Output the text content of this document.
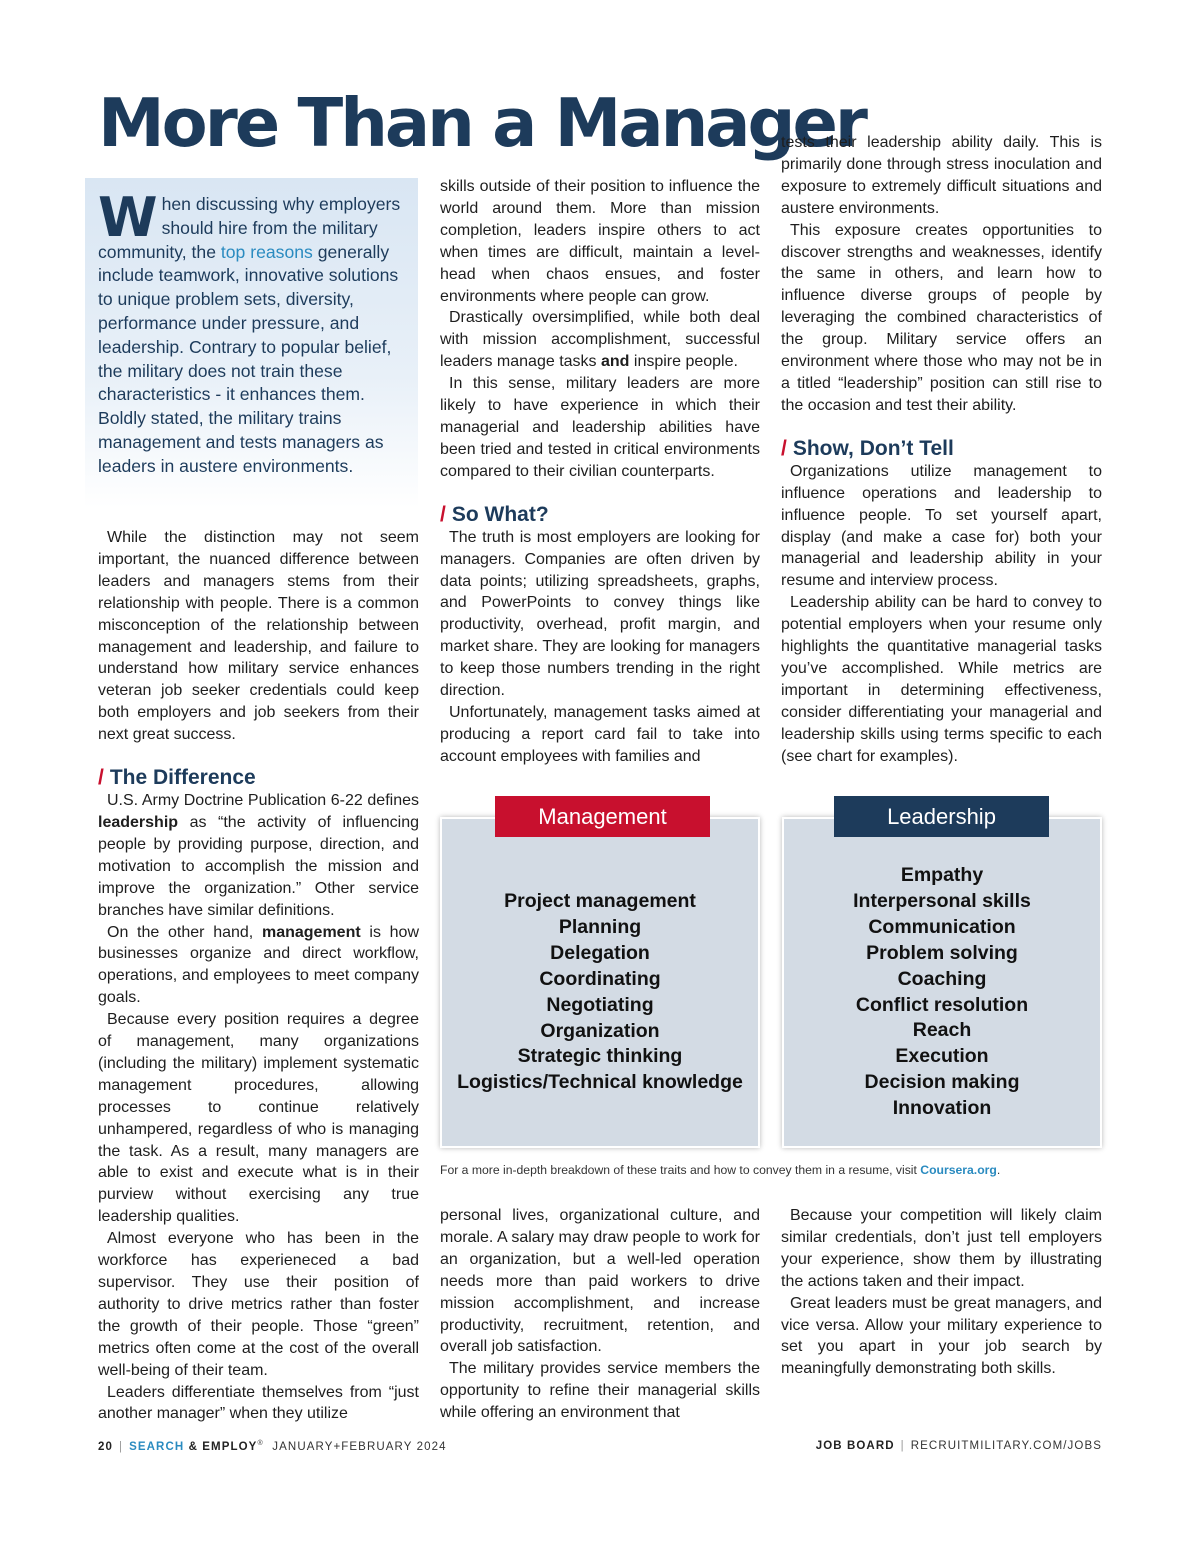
More Than a Manager
When discussing why employers should hire from the military community, the top reasons generally include teamwork, innovative solutions to unique problem sets, diversity, performance under pressure, and leadership. Contrary to popular belief, the military does not train these characteristics - it enhances them. Boldly stated, the military trains management and tests managers as leaders in austere environments.

While the distinction may not seem important, the nuanced difference between leaders and managers stems from their relationship with people. There is a common misconception of the relationship between management and leadership, and failure to understand how military service enhances veteran job seeker credentials could keep both employers and job seekers from their next great success.

/ The Difference

U.S. Army Doctrine Publication 6-22 defines leadership as “the activity of influencing people by providing purpose, direction, and motivation to accomplish the mission and improve the organization.” Other service branches have similar definitions.

On the other hand, management is how businesses organize and direct workflow, operations, and employees to meet company goals.

Because every position requires a degree of management, many organizations (including the military) implement systematic management procedures, allowing processes to continue relatively unhampered, regardless of who is managing the task. As a result, many managers are able to exist and execute what is in their purview without exercising any true leadership qualities.

Almost everyone who has been in the workforce has experieneced a bad supervisor. They use their position of authority to drive metrics rather than foster the growth of their people. Those “green” metrics often come at the cost of the overall well-being of their team.

Leaders differentiate themselves from “just another manager” when they utilize

skills outside of their position to influence the world around them. More than mission completion, leaders inspire others to act when times are difficult, maintain a level-head when chaos ensues, and foster environments where people can grow.

Drastically oversimplified, while both deal with mission accomplishment, successful leaders manage tasks and inspire people.

In this sense, military leaders are more likely to have experience in which their managerial and leadership abilities have been tried and tested in critical environments compared to their civilian counterparts.

/ So What?

The truth is most employers are looking for managers. Companies are often driven by data points; utilizing spreadsheets, graphs, and PowerPoints to convey things like productivity, overhead, profit margin, and market share. They are looking for managers to keep those numbers trending in the right direction.

Unfortunately, management tasks aimed at producing a report card fail to take into account employees with families and

tests their leadership ability daily. This is primarily done through stress inoculation and exposure to extremely difficult situations and austere environments.

This exposure creates opportunities to discover strengths and weaknesses, identify the same in others, and learn how to influence diverse groups of people by leveraging the combined characteristics of the group. Military service offers an environment where those who may not be in a titled “leadership” position can still rise to the occasion and test their ability.

/ Show, Don’t Tell

Organizations utilize management to influence operations and leadership to influence people. To set yourself apart, display (and make a case for) both your managerial and leadership ability in your resume and interview process.

Leadership ability can be hard to convey to potential employers when your resume only highlights the quantitative managerial tasks you’ve accomplished. While metrics are important in determining effectiveness, consider differentiating your managerial and leadership skills using terms specific to each (see chart for examples).

Management	Leadership
Project management
Planning
Delegation
Coordinating
Negotiating
Organization
Strategic thinking
Logistics/Technical knowledge
Empathy
Interpersonal skills
Communication
Problem solving
Coaching
Conflict resolution
Reach
Execution
Decision making
Innovation
For a more in-depth breakdown of these traits and how to convey them in a resume, visit Coursera.org.

personal lives, organizational culture, and morale. A salary may draw people to work for an organization, but a well-led operation needs more than paid workers to drive mission accomplishment, and increase productivity, recruitment, retention, and overall job satisfaction.

The military provides service members the opportunity to refine their managerial skills while offering an environment that

Because your competition will likely claim similar credentials, don’t just tell employers your experience, show them by illustrating the actions taken and their impact.

Great leaders must be great managers, and vice versa. Allow your military experience to set you apart in your job search by meaningfully demonstrating both skills.

20 | SEARCH & EMPLOY® JANUARY+FEBRUARY 2024	JOB BOARD | RECRUITMILITARY.COM/JOBS
